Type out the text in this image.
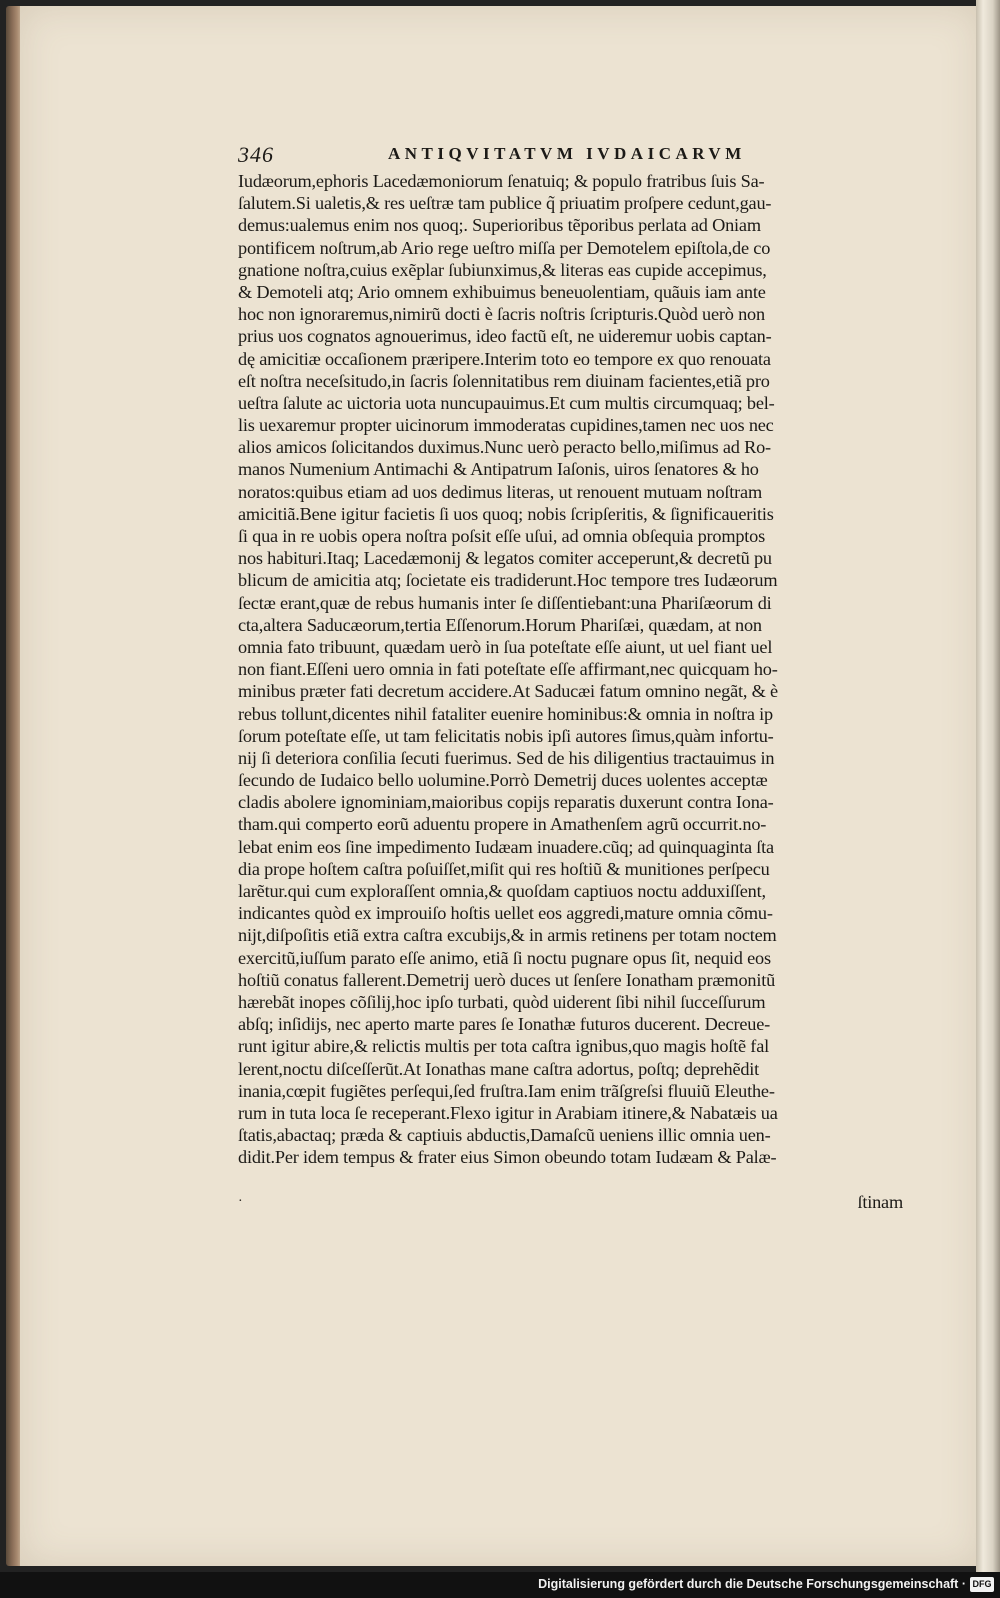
346	ANTIQVITATVM IVDAICARVM
Iudæorum,ephoris Lacedæmoniorum ſenatuiq; & populo fratribus ſuis Sa-
ſalutem.Si ualetis,& res ueſtræ tam publice q̃ priuatim proſpere cedunt,gau-
demus:ualemus enim nos quoq;. Superioribus tẽporibus perlata ad Oniam
pontificem noſtrum,ab Ario rege ueſtro miſſa per Demotelem epiſtola,de co
gnatione noſtra,cuius exẽplar ſubiunximus,& literas eas cupide accepimus,
& Demoteli atq; Ario omnem exhibuimus beneuolentiam, quãuis iam ante
hoc non ignoraremus,nimirũ docti è ſacris noſtris ſcripturis.Quòd uerò non
prius uos cognatos agnouerimus, ideo factũ eſt, ne uideremur uobis captan-
dę amicitiæ occaſionem præripere.Interim toto eo tempore ex quo renouata
eſt noſtra neceſsitudo,in ſacris ſolennitatibus rem diuinam facientes,etiã pro
ueſtra ſalute ac uictoria uota nuncupauimus.Et cum multis circumquaq; bel-
lis uexaremur propter uicinorum immoderatas cupidines,tamen nec uos nec
alios amicos ſolicitandos duximus.Nunc uerò peracto bello,miſimus ad Ro-
manos Numenium Antimachi & Antipatrum Iaſonis, uiros ſenatores & ho
noratos:quibus etiam ad uos dedimus literas, ut renouent mutuam noſtram
amicitiã.Bene igitur facietis ſi uos quoq; nobis ſcripſeritis, & ſignificaueritis
ſi qua in re uobis opera noſtra poſsit eſſe uſui, ad omnia obſequia promptos
nos habituri.Itaq; Lacedæmonij & legatos comiter acceperunt,& decretũ pu
blicum de amicitia atq; ſocietate eis tradiderunt.Hoc tempore tres Iudæorum
ſectæ erant,quæ de rebus humanis inter ſe diſſentiebant:una Phariſæorum di
cta,altera Saducæorum,tertia Eſſenorum.Horum Phariſæi, quædam, at non
omnia fato tribuunt, quædam uerò in ſua poteſtate eſſe aiunt, ut uel fiant uel
non fiant.Eſſeni uero omnia in fati poteſtate eſſe affirmant,nec quicquam ho-
minibus præter fati decretum accidere.At Saducæi fatum omnino negãt, & è
rebus tollunt,dicentes nihil fataliter euenire hominibus:& omnia in noſtra ip
ſorum poteſtate eſſe, ut tam felicitatis nobis ipſi autores ſimus,quàm infortu-
nij ſi deteriora conſilia ſecuti fuerimus. Sed de his diligentius tractauimus in
ſecundo de Iudaico bello uolumine.Porrò Demetrij duces uolentes acceptæ
cladis abolere ignominiam,maioribus copijs reparatis duxerunt contra Iona-
tham.qui comperto eorũ aduentu propere in Amathenſem agrũ occurrit.no-
lebat enim eos ſine impedimento Iudæam inuadere.cũq; ad quinquaginta ſta
dia prope hoſtem caſtra poſuiſſet,miſit qui res hoſtiũ & munitiones perſpecu
larẽtur.qui cum exploraſſent omnia,& quoſdam captiuos noctu adduxiſſent,
indicantes quòd ex improuiſo hoſtis uellet eos aggredi,mature omnia cõmu-
nijt,diſpoſitis etiã extra caſtra excubijs,& in armis retinens per totam noctem
exercitũ,iuſſum parato eſſe animo, etiã ſi noctu pugnare opus ſit, nequid eos
hoſtiũ conatus fallerent.Demetrij uerò duces ut ſenſere Ionatham præmonitũ
hærebãt inopes cõſilij,hoc ipſo turbati, quòd uiderent ſibi nihil ſucceſſurum
abſq; inſidijs, nec aperto marte pares ſe Ionathæ futuros ducerent. Decreue-
runt igitur abire,& relictis multis per tota caſtra ignibus,quo magis hoſtẽ fal
lerent,noctu diſceſſerũt.At Ionathas mane caſtra adortus, poſtq; deprehẽdit
inania,cœpit fugiẽtes perſequi,ſed fruſtra.Iam enim trãſgreſsi fluuiũ Eleuthe-
rum in tuta loca ſe receperant.Flexo igitur in Arabiam itinere,& Nabatæis ua
ſtatis,abactaq; præda & captiuis abductis,Damaſcũ ueniens illic omnia uen-
didit.Per idem tempus & frater eius Simon obeundo totam Iudæam & Palæ-
·	ſtinam
Digitalisierung gefördert durch die Deutsche Forschungsgemeinschaft · DFG
